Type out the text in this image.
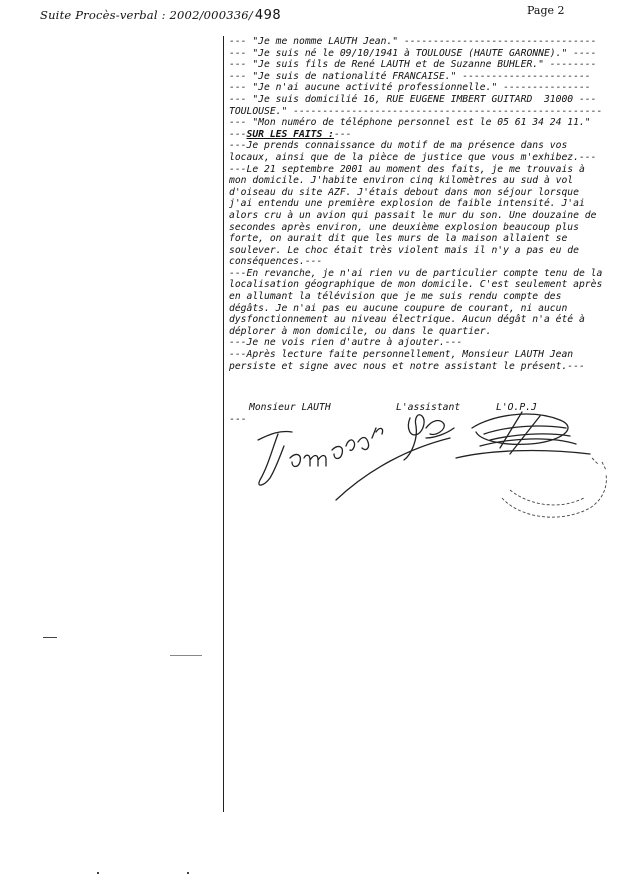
Suite Procès-verbal : 2002/000336/ 498	Page 2
--- "Je me nomme LAUTH Jean." ---------------------------------
--- "Je suis né le 09/10/1941 à TOULOUSE (HAUTE GARONNE)." ----
--- "Je suis fils de René LAUTH et de Suzanne BUHLER." --------
--- "Je suis de nationalité FRANCAISE." ----------------------
--- "Je n'ai aucune activité professionnelle." ---------------
--- "Je suis domicilié 16, RUE EUGENE IMBERT GUITARD  31000 ---
TOULOUSE." -----------------------------------------------------
--- "Mon numéro de téléphone personnel est le 05 61 34 24 11."
---SUR LES FAITS :---
---Je prends connaissance du motif de ma présence dans vos
locaux, ainsi que de la pièce de justice que vous m'exhibez.---
---Le 21 septembre 2001 au moment des faits, je me trouvais à
mon domicile. J'habite environ cinq kilomètres au sud à vol
d'oiseau du site AZF. J'étais debout dans mon séjour lorsque
j'ai entendu une première explosion de faible intensité. J'ai
alors cru à un avion qui passait le mur du son. Une douzaine de
secondes après environ, une deuxième explosion beaucoup plus
forte, on aurait dit que les murs de la maison allaient se
soulever. Le choc était très violent mais il n'y a pas eu de
conséquences.---
---En revanche, je n'ai rien vu de particulier compte tenu de la
localisation géographique de mon domicile. C'est seulement après
en allumant la télévision que je me suis rendu compte des
dégâts. Je n'ai pas eu aucune coupure de courant, ni aucun
dysfonctionnement au niveau électrique. Aucun dégât n'a été à
déplorer à mon domicile, ou dans le quartier.
---Je ne vois rien d'autre à ajouter.---
---Après lecture faite personnellement, Monsieur LAUTH Jean
persiste et signe avec nous et notre assistant le présent.---
Monsieur LAUTH	L'assistant	L'O.P.J
---
